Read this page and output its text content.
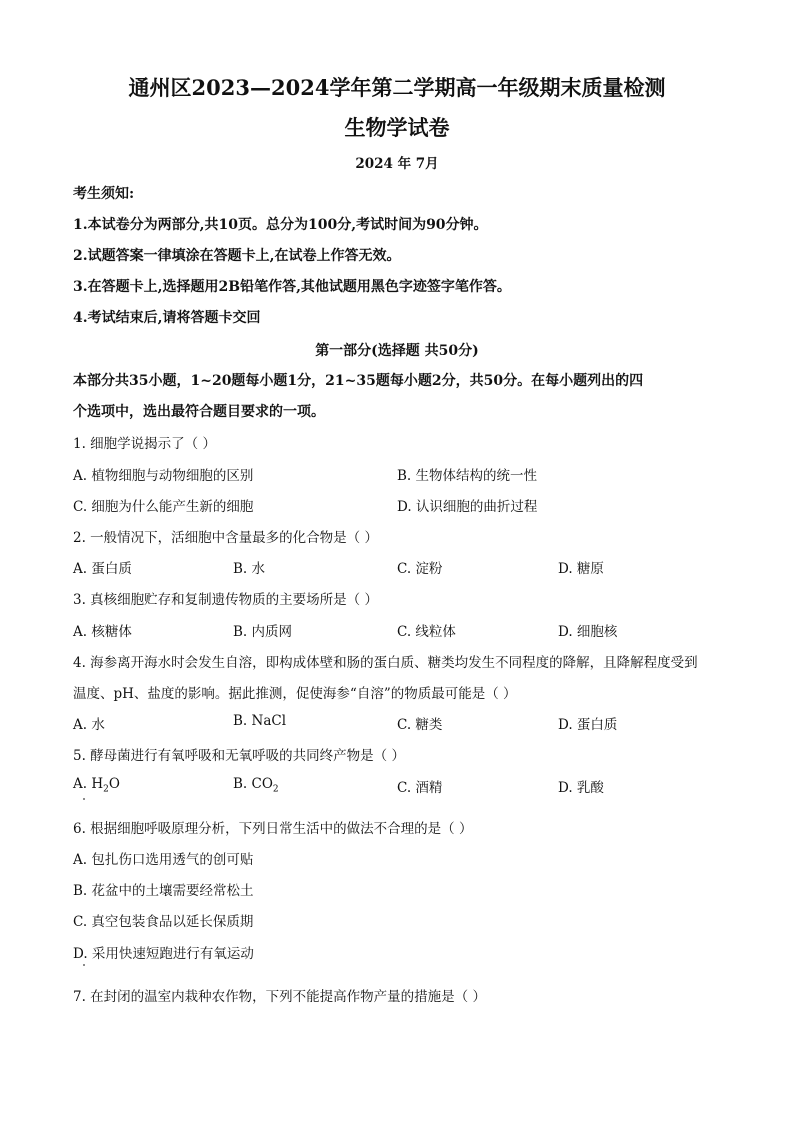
通州区2023—2024学年第二学期高一年级期末质量检测
生物学试卷
2024 年 7月
考生须知:
1.本试卷分为两部分,共10页。总分为100分,考试时间为90分钟。
2.试题答案一律填涂在答题卡上,在试卷上作答无效。
3.在答题卡上,选择题用2B铅笔作答,其他试题用黑色字迹签字笔作答。
4.考试结束后,请将答题卡交回
第一部分(选择题 共50分)
本部分共35小题，1~20题每小题1分，21~35题每小题2分，共50分。在每小题列出的四
个选项中，选出最符合题目要求的一项。
1. 细胞学说揭示了（ ）
A. 植物细胞与动物细胞的区别	B. 生物体结构的统一性
C. 细胞为什么能产生新的细胞	D. 认识细胞的曲折过程
2. 一般情况下，活细胞中含量最多的化合物是（ ）
A. 蛋白质	B. 水	C. 淀粉	D. 糖原
3. 真核细胞贮存和复制遗传物质的主要场所是（ ）
A. 核糖体	B. 内质网	C. 线粒体	D. 细胞核
4. 海参离开海水时会发生自溶，即构成体壁和肠的蛋白质、糖类均发生不同程度的降解，且降解程度受到
温度、pH、盐度的影响。据此推测，促使海参“自溶”的物质最可能是（ ）
A. 水	B. NaCl	C. 糖类	D. 蛋白质
5. 酵母菌进行有氧呼吸和无氧呼吸的共同终产物是（ ）
A. $H_2O$	B. $CO_2$	C. 酒精	D. 乳酸
6. 根据细胞呼吸原理分析，下列日常生活中的做法不合理的是（ ）
A. 包扎伤口选用透气的创可贴
B. 花盆中的土壤需要经常松土
C. 真空包装食品以延长保质期
D. 采用快速短跑进行有氧运动
7. 在封闭的温室内栽种农作物，下列不能提高作物产量的措施是（ ）
